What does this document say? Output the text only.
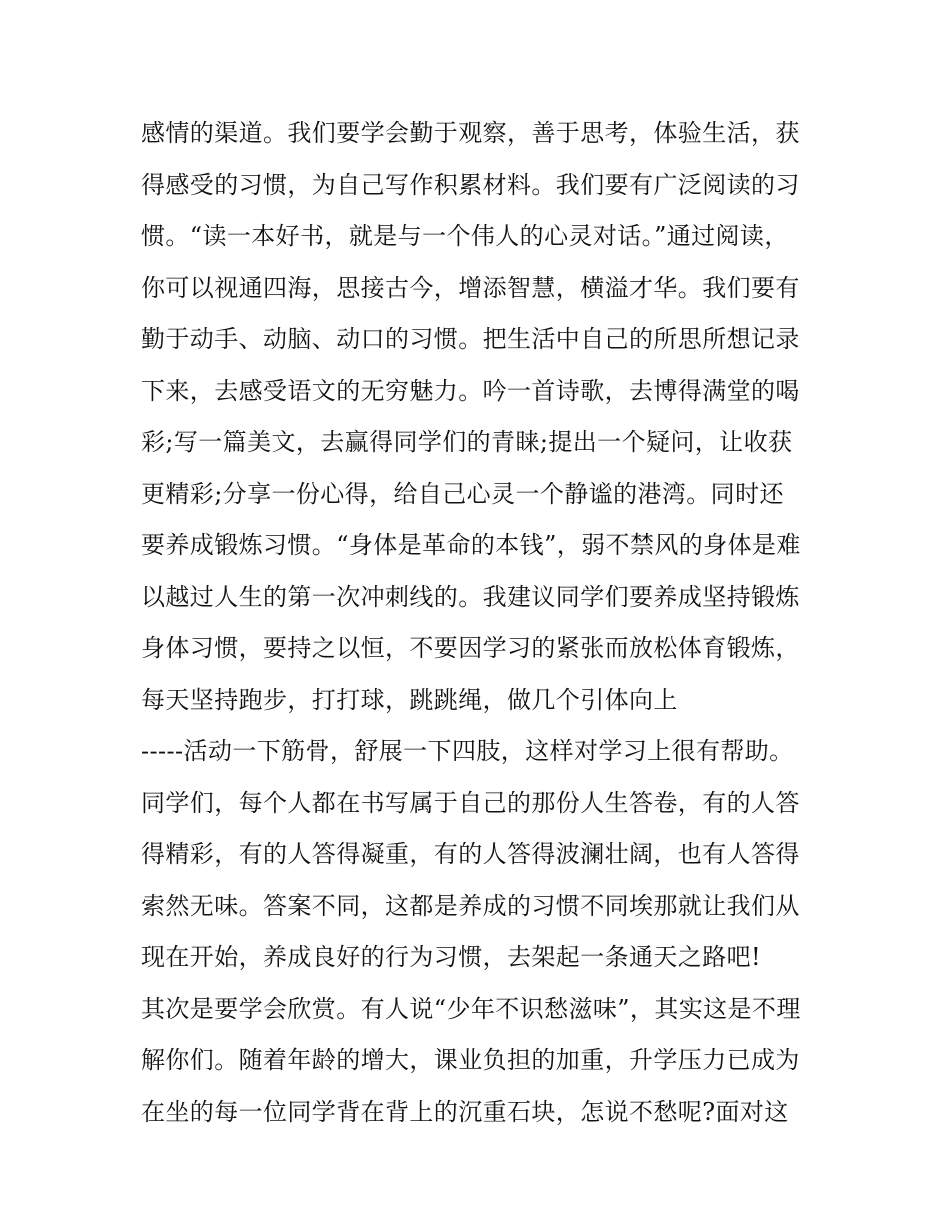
感情的渠道。我们要学会勤于观察，善于思考，体验生活，获
得感受的习惯，为自己写作积累材料。我们要有广泛阅读的习
惯。“读一本好书，就是与一个伟人的心灵对话。”通过阅读，
你可以视通四海，思接古今，增添智慧，横溢才华。我们要有
勤于动手、动脑、动口的习惯。把生活中自己的所思所想记录
下来，去感受语文的无穷魅力。吟一首诗歌，去博得满堂的喝
彩;写一篇美文，去赢得同学们的青睐;提出一个疑问，让收获
更精彩;分享一份心得，给自己心灵一个静谧的港湾。同时还
要养成锻炼习惯。“身体是革命的本钱”，弱不禁风的身体是难
以越过人生的第一次冲刺线的。我建议同学们要养成坚持锻炼
身体习惯，要持之以恒，不要因学习的紧张而放松体育锻炼，
每天坚持跑步，打打球，跳跳绳，做几个引体向上
-----活动一下筋骨，舒展一下四肢，这样对学习上很有帮助。
同学们，每个人都在书写属于自己的那份人生答卷，有的人答
得精彩，有的人答得凝重，有的人答得波澜壮阔，也有人答得
索然无味。答案不同，这都是养成的习惯不同埃那就让我们从
现在开始，养成良好的行为习惯，去架起一条通天之路吧!
其次是要学会欣赏。有人说“少年不识愁滋味”，其实这是不理
解你们。随着年龄的增大，课业负担的加重，升学压力已成为
在坐的每一位同学背在背上的沉重石块，怎说不愁呢?面对这
